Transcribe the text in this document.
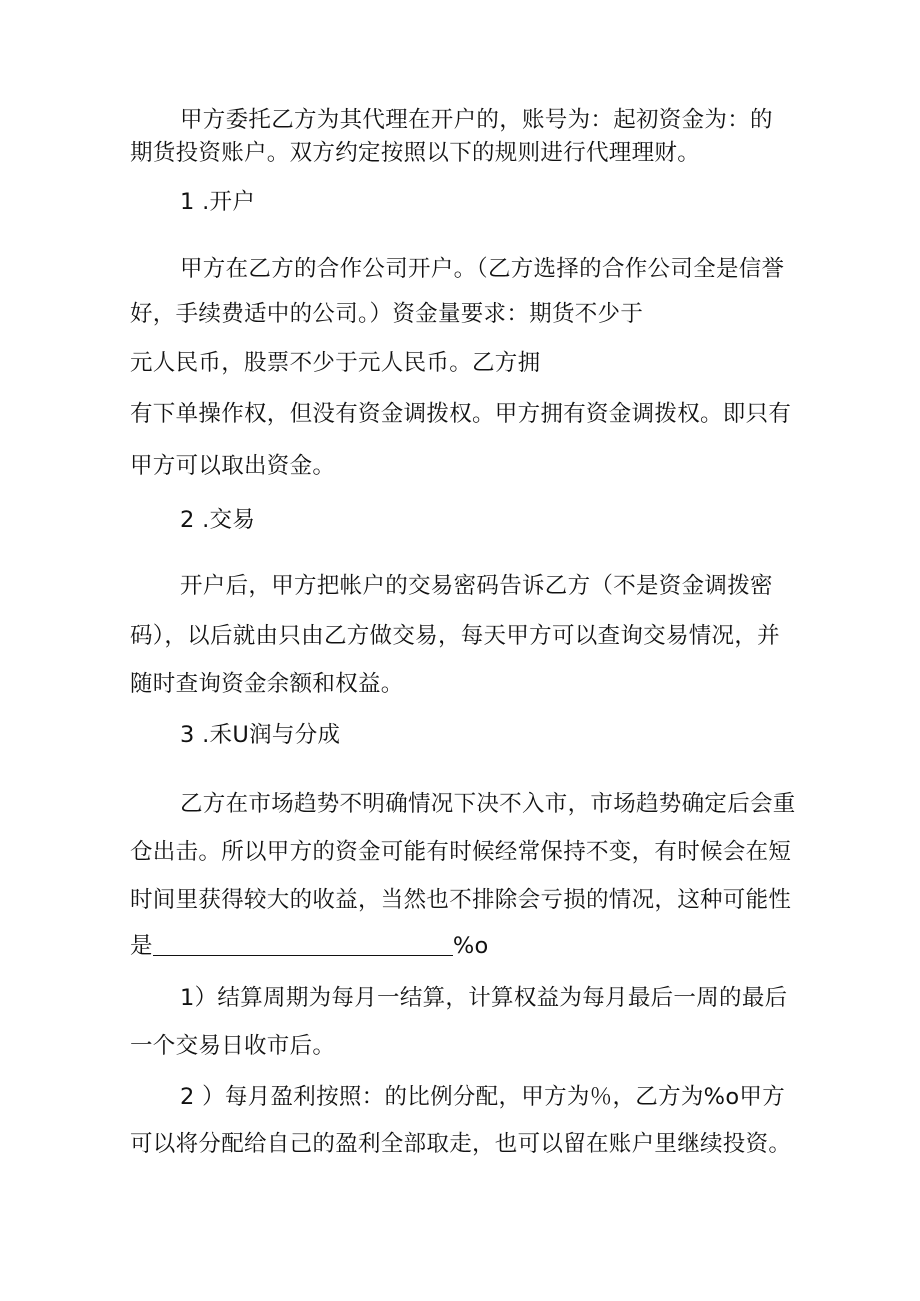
甲方委托乙方为其代理在开户的，账号为：起初资金为：的
期货投资账户。双方约定按照以下的规则进行代理理财。
1 .开户
甲方在乙方的合作公司开户。（乙方选择的合作公司全是信誉
好，手续费适中的公司。）资金量要求：期货不少于
元人民币，股票不少于元人民币。乙方拥
有下单操作权，但没有资金调拨权。甲方拥有资金调拨权。即只有
甲方可以取出资金。
2 .交易
开户后，甲方把帐户的交易密码告诉乙方（不是资金调拨密
码），以后就由只由乙方做交易，每天甲方可以查询交易情况，并
随时查询资金余额和权益。
3 .禾U润与分成
乙方在市场趋势不明确情况下决不入市，市场趋势确定后会重
仓出击。所以甲方的资金可能有时候经常保持不变，有时候会在短
时间里获得较大的收益，当然也不排除会亏损的情况，这种可能性
是	%o
1）结算周期为每月一结算，计算权益为每月最后一周的最后
一个交易日收市后。
2 ）每月盈利按照：的比例分配，甲方为％，乙方为%o甲方
可以将分配给自己的盈利全部取走，也可以留在账户里继续投资。
